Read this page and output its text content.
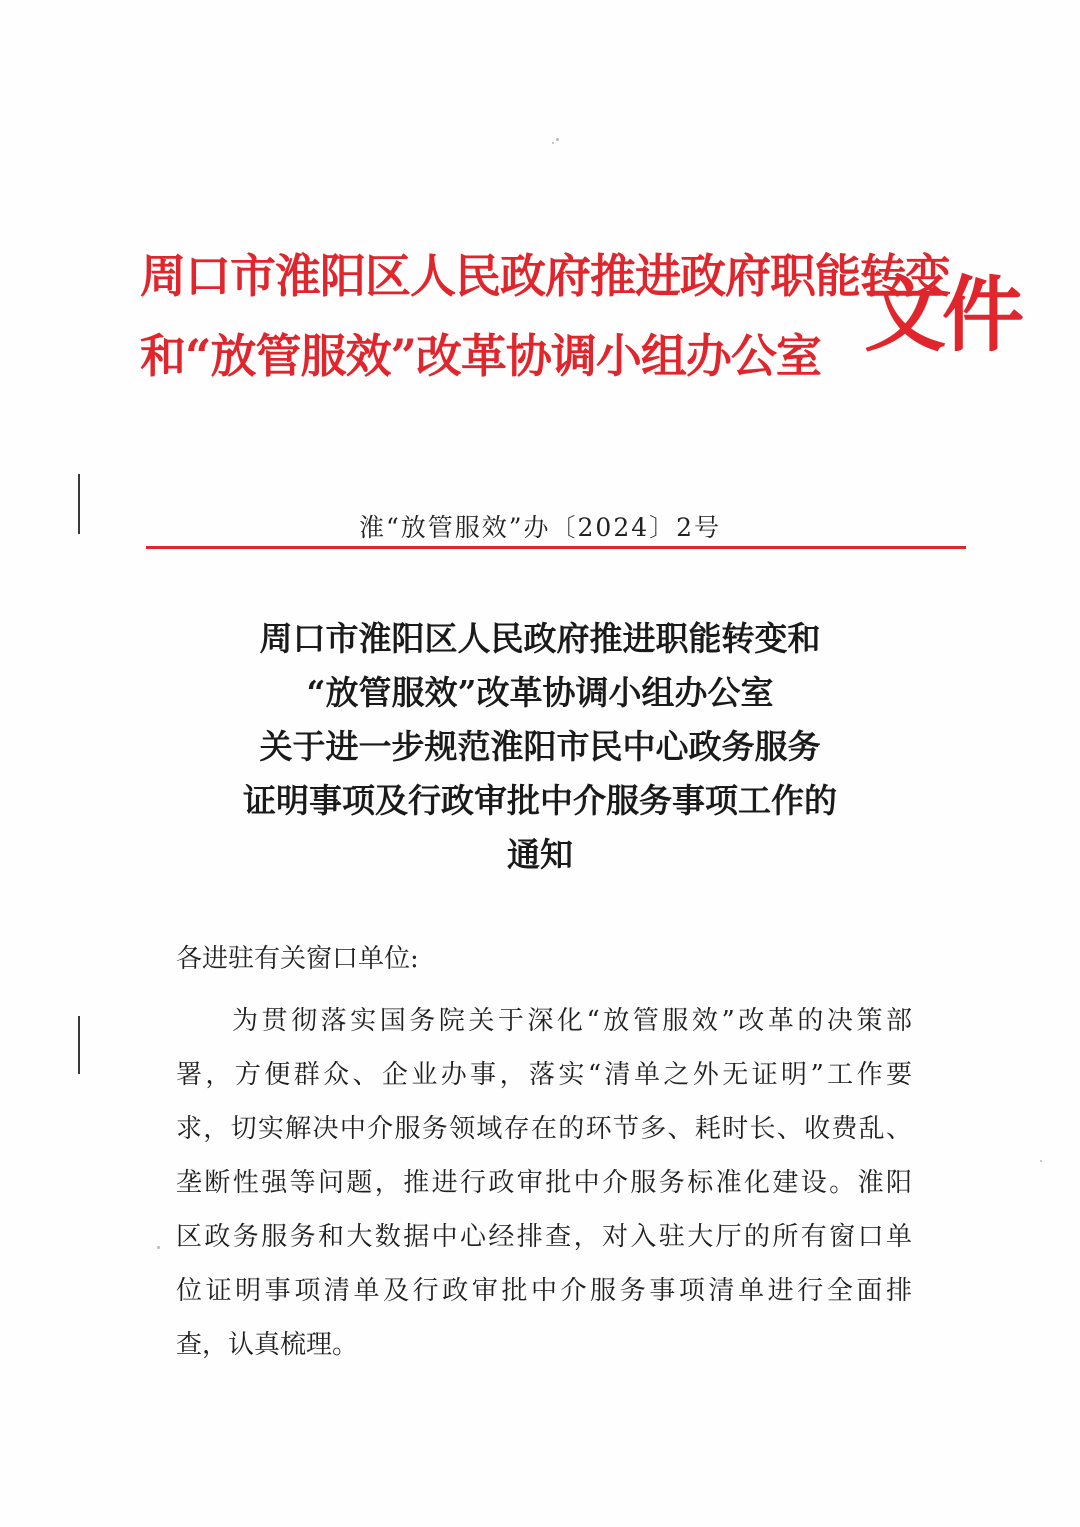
周口市淮阳区人民政府推进政府职能转变
和“放管服效”改革协调小组办公室 文件
淮“放管服效”办〔2024〕2号
周口市淮阳区人民政府推进职能转变和
“放管服效”改革协调小组办公室
关于进一步规范淮阳市民中心政务服务
证明事项及行政审批中介服务事项工作的
通知
各进驻有关窗口单位:
为贯彻落实国务院关于深化“放管服效”改革的决策部
署，方便群众、企业办事，落实“清单之外无证明”工作要
求，切实解决中介服务领域存在的环节多、耗时长、收费乱、
垄断性强等问题，推进行政审批中介服务标准化建设。淮阳
区政务服务和大数据中心经排查，对入驻大厅的所有窗口单
位证明事项清单及行政审批中介服务事项清单进行全面排
查，认真梳理。
